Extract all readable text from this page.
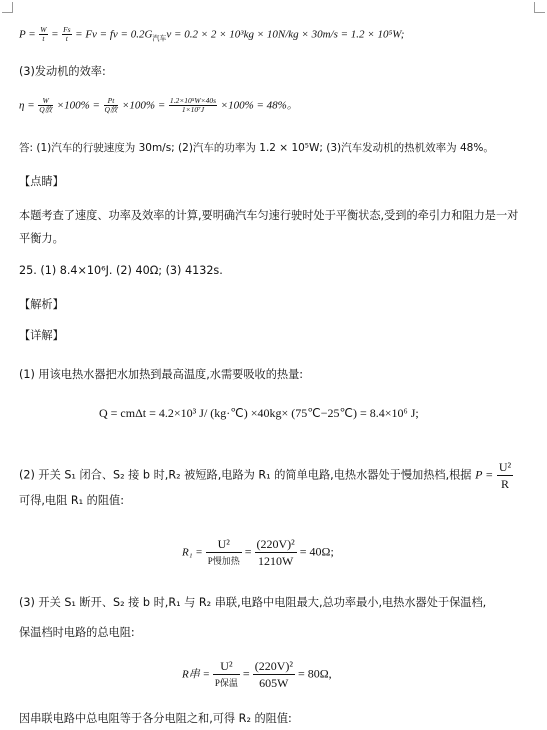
$P = \frac{W}{t} = \frac{Fs}{t} = Fv$ = fv = $0.2G_{汽车}v = 0.2 \times 2 \times 10^3kg \times 10N/kg \times 30m/s = 1.2 \times 10^5W$;
(3)发动机的效率:
$\eta = \frac{W}{\text{Q放}} \times 100\% = \frac{Pt}{\text{Q放}} \times 100\% = \frac{\text{1.2×10⁵W×40s}}{\text{1×10⁷J}} \times 100\% = 48\%$。
答: (1)汽车的行驶速度为 30m/s; (2)汽车的功率为 1.2 × 10⁵W; (3)汽车发动机的热机效率为 48%。
【点睛】
本题考查了速度、功率及效率的计算,要明确汽车匀速行驶时处于平衡状态,受到的牵引力和阻力是一对
平衡力。
25. (1) 8.4×10⁶J. (2) 40Ω; (3) 4132s.
【解析】
【详解】
(1) 用该电热水器把水加热到最高温度,水需要吸收的热量:
Q = cmΔt = 4.2×10³ J/ (kg·℃) ×40kg× (75℃−25℃) = 8.4×10⁶ J;
(2) 开关 S₁ 闭合、S₂ 接 b 时,R₂ 被短路,电路为 R₁ 的简单电路,电热水器处于慢加热档,根据 $P = \frac{\text{U²}}{R}$
可得,电阻 R₁ 的阻值:
$R_1 = \frac{\text{U²}}{\text{P慢加热}} = \frac{\text{(220V)²}}{1210W} = 40\Omega$;
(3) 开关 S₁ 断开、S₂ 接 b 时,R₁ 与 R₂ 串联,电路中电阻最大,总功率最小,电热水器处于保温档,
保温档时电路的总电阻:
R串 = $\frac{\text{U²}}{\text{P保温}} = \frac{\text{(220V)²}}{605W} = 80\Omega$,
因串联电路中总电阻等于各分电阻之和,可得 R₂ 的阻值:
